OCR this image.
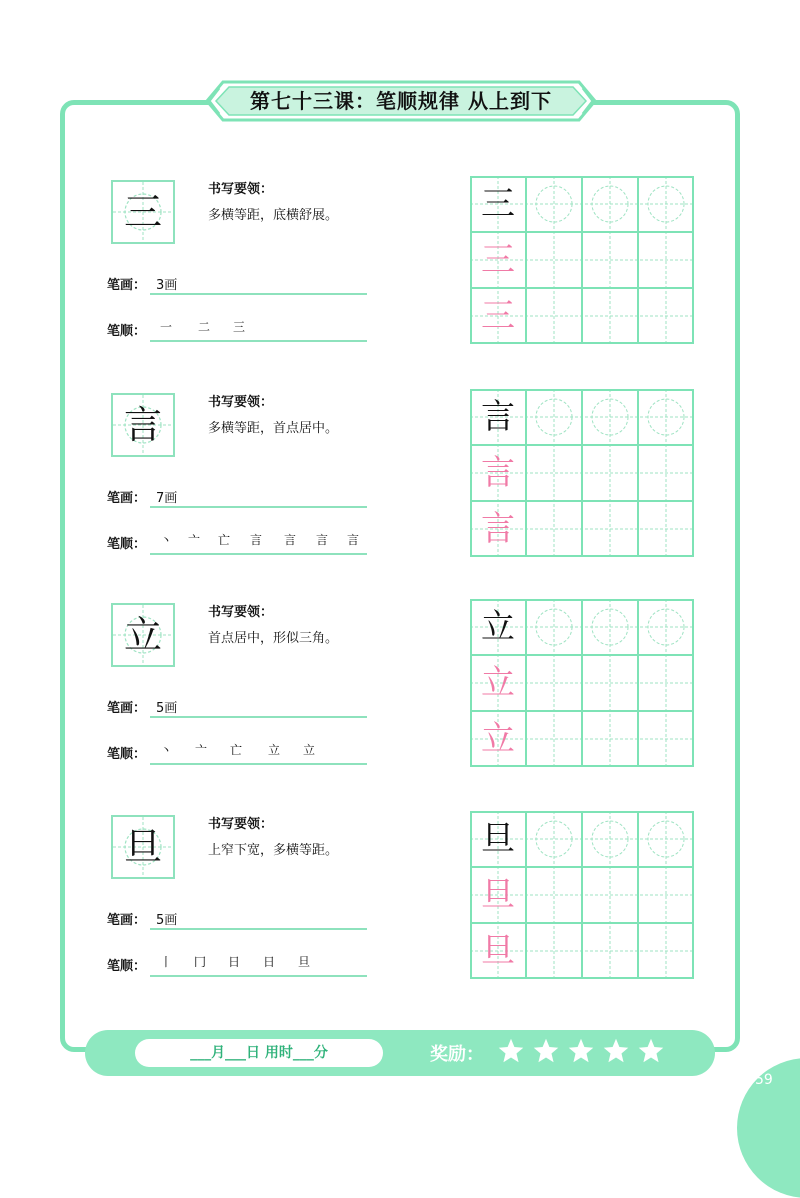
第七十三课：笔顺规律 从上到下
三
书写要领：
多横等距，底横舒展。
笔画： 3画
笔顺： 一 二 三
三
三
三
言
书写要领：
多横等距，首点居中。
笔画： 7画
笔顺： 丶 亠 亡 言 言 言 言
言
言
言
立
书写要领：
首点居中，形似三角。
笔画： 5画
笔顺： 丶 亠 亡 立 立
立
立
立
旦
书写要领：
上窄下宽，多横等距。
笔画： 5画
笔顺： 丨 冂 日 日 旦
旦
旦
旦
___月___日 用时___分	奖励：
59
